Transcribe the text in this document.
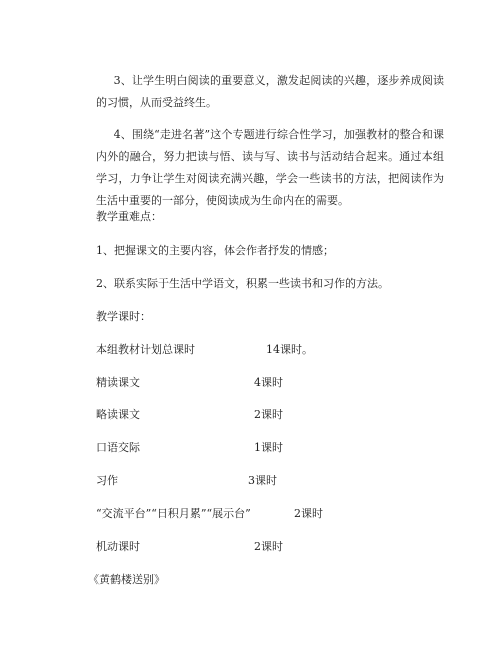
3、让学生明白阅读的重要意义，激发起阅读的兴趣，逐步养成阅读的习惯，从而受益终生。

4、围绕“走进名著”这个专题进行综合性学习，加强教材的整合和课内外的融合，努力把读与悟、读与写、读书与活动结合起来。通过本组学习，力争让学生对阅读充满兴趣，学会一些读书的方法，把阅读作为生活中重要的一部分，使阅读成为生命内在的需要。

教学重难点：
1、把握课文的主要内容，体会作者抒发的情感；
2、联系实际于生活中学语文，积累一些读书和习作的方法。
教学课时：
本组教材计划总课时	14课时。
精读课文	4课时
略读课文	2课时
口语交际	1课时
习作	3课时
“交流平台”“日积月累”“展示台”	2课时
机动课时	2课时
《黄鹤楼送别》
